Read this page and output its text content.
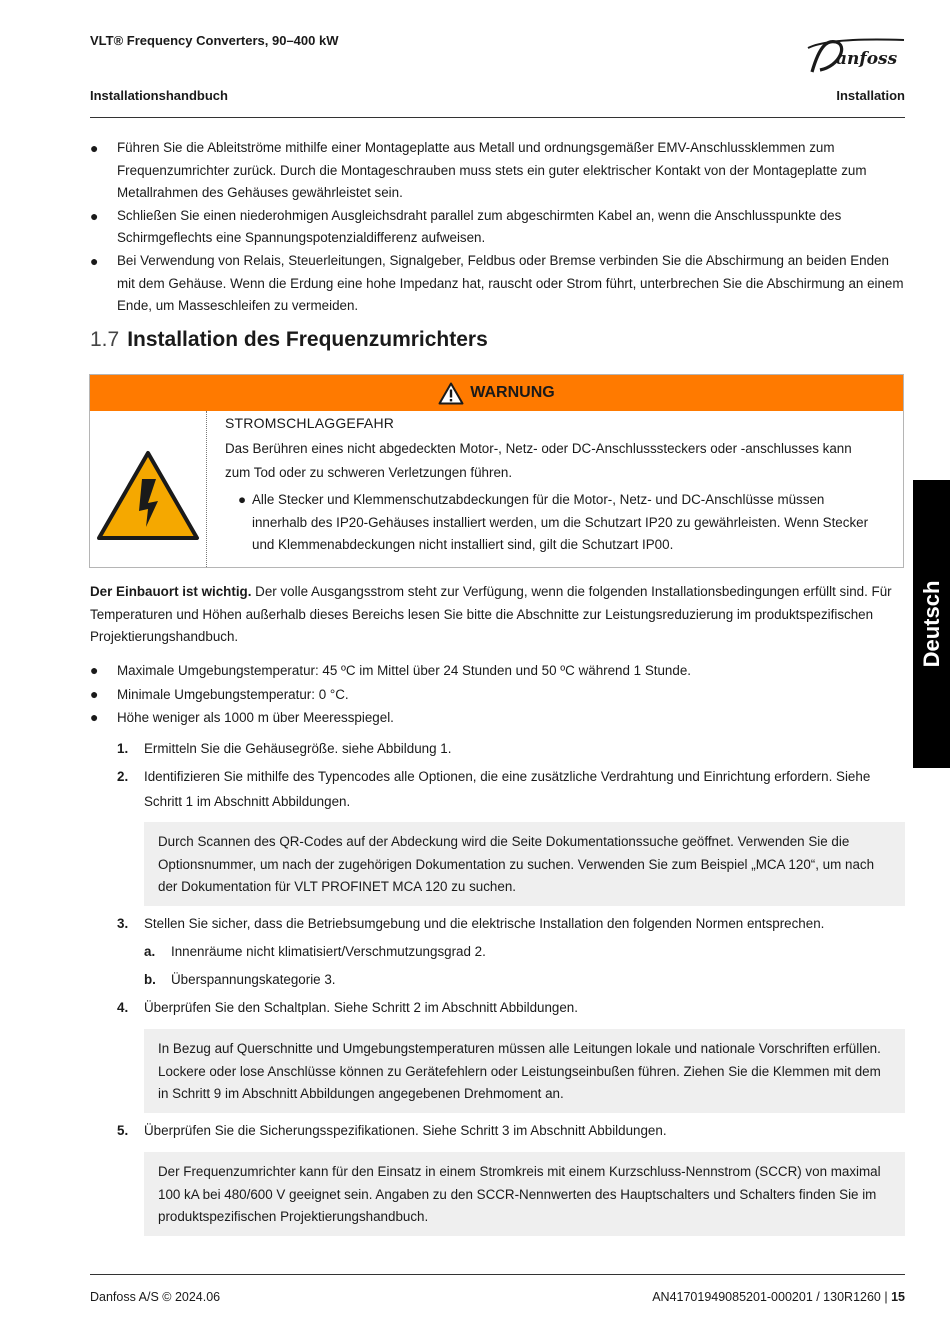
VLT® Frequency Converters, 90–400 kW
anfoss
Installationshandbuch	Installation
● Führen Sie die Ableitströme mithilfe einer Montageplatte aus Metall und ordnungsgemäßer EMV-Anschlussklemmen zum Frequenzumrichter zurück. Durch die Montageschrauben muss stets ein guter elektrischer Kontakt von der Montageplatte zum Metallrahmen des Gehäuses gewährleistet sein.
● Schließen Sie einen niederohmigen Ausgleichsdraht parallel zum abgeschirmten Kabel an, wenn die Anschlusspunkte des Schirmgeflechts eine Spannungspotenzialdifferenz aufweisen.
● Bei Verwendung von Relais, Steuerleitungen, Signalgeber, Feldbus oder Bremse verbinden Sie die Abschirmung an beiden Enden mit dem Gehäuse. Wenn die Erdung eine hohe Impedanz hat, rauscht oder Strom führt, unterbrechen Sie die Abschirmung an einem Ende, um Masseschleifen zu vermeiden.
1.7 Installation des Frequenzumrichters
WARNUNG
STROMSCHLAGGEFAHR

Das Berühren eines nicht abgedeckten Motor-, Netz- oder DC-Anschlusssteckers oder -anschlusses kann zum Tod oder zu schweren Verletzungen führen.

● Alle Stecker und Klemmenschutzabdeckungen für die Motor-, Netz- und DC-Anschlüsse müssen innerhalb des IP20-Gehäuses installiert werden, um die Schutzart IP20 zu gewährleisten. Wenn Stecker und Klemmenabdeckungen nicht installiert sind, gilt die Schutzart IP00.
Der Einbauort ist wichtig. Der volle Ausgangsstrom steht zur Verfügung, wenn die folgenden Installationsbedingungen erfüllt sind. Für Temperaturen und Höhen außerhalb dieses Bereichs lesen Sie bitte die Abschnitte zur Leistungsreduzierung im produktspezifischen Projektierungshandbuch.
● Maximale Umgebungstemperatur: 45 ºC im Mittel über 24 Stunden und 50 ºC während 1 Stunde.
● Minimale Umgebungstemperatur: 0 °C.
● Höhe weniger als 1000 m über Meeresspiegel.
1.	Ermitteln Sie die Gehäusegröße. siehe Abbildung 1.
2.	Identifizieren Sie mithilfe des Typencodes alle Optionen, die eine zusätzliche Verdrahtung und Einrichtung erfordern. Siehe Schritt 1 im Abschnitt Abbildungen.
Durch Scannen des QR-Codes auf der Abdeckung wird die Seite Dokumentationssuche geöffnet. Verwenden Sie die Optionsnummer, um nach der zugehörigen Dokumentation zu suchen. Verwenden Sie zum Beispiel „MCA 120“, um nach der Dokumentation für VLT PROFINET MCA 120 zu suchen.
3.	Stellen Sie sicher, dass die Betriebsumgebung und die elektrische Installation den folgenden Normen entsprechen.
a. Innenräume nicht klimatisiert/Verschmutzungsgrad 2.
b. Überspannungskategorie 3.
4.	Überprüfen Sie den Schaltplan. Siehe Schritt 2 im Abschnitt Abbildungen.
In Bezug auf Querschnitte und Umgebungstemperaturen müssen alle Leitungen lokale und nationale Vorschriften erfüllen. Lockere oder lose Anschlüsse können zu Gerätefehlern oder Leistungseinbußen führen. Ziehen Sie die Klemmen mit dem in Schritt 9 im Abschnitt Abbildungen angegebenen Drehmoment an.
5.	Überprüfen Sie die Sicherungsspezifikationen. Siehe Schritt 3 im Abschnitt Abbildungen.
Der Frequenzumrichter kann für den Einsatz in einem Stromkreis mit einem Kurzschluss-Nennstrom (SCCR) von maximal 100 kA bei 480/600 V geeignet sein. Angaben zu den SCCR-Nennwerten des Hauptschalters und Schalters finden Sie im produktspezifischen Projektierungshandbuch.
Deutsch
Danfoss A/S © 2024.06	AN41701949085201-000201 / 130R1260 | 15
